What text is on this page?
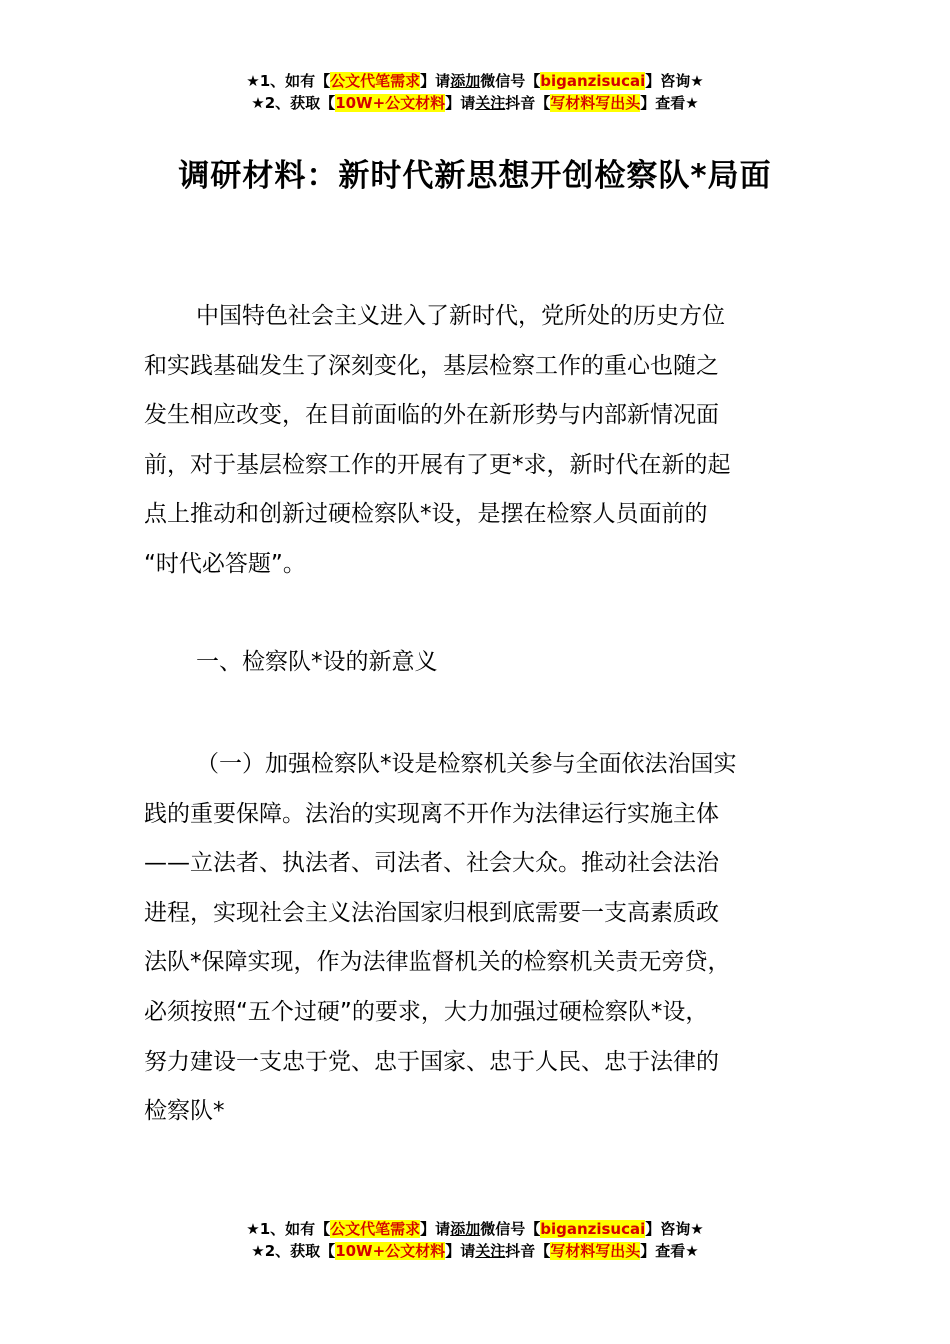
★1、如有【公文代笔需求】请添加微信号【biganzisucai】咨询★
★2、获取【10W+公文材料】请关注抖音【写材料写出头】查看★
调研材料：新时代新思想开创检察队*局面
中国特色社会主义进入了新时代，党所处的历史方位
和实践基础发生了深刻变化，基层检察工作的重心也随之
发生相应改变，在目前面临的外在新形势与内部新情况面
前，对于基层检察工作的开展有了更*求，新时代在新的起
点上推动和创新过硬检察队*设，是摆在检察人员面前的
“时代必答题”。
一、检察队*设的新意义
（一）加强检察队*设是检察机关参与全面依法治国实
践的重要保障。法治的实现离不开作为法律运行实施主体
——立法者、执法者、司法者、社会大众。推动社会法治
进程，实现社会主义法治国家归根到底需要一支高素质政
法队*保障实现，作为法律监督机关的检察机关责无旁贷，
必须按照“五个过硬”的要求，大力加强过硬检察队*设，
努力建设一支忠于党、忠于国家、忠于人民、忠于法律的
检察队*
★1、如有【公文代笔需求】请添加微信号【biganzisucai】咨询★
★2、获取【10W+公文材料】请关注抖音【写材料写出头】查看★
